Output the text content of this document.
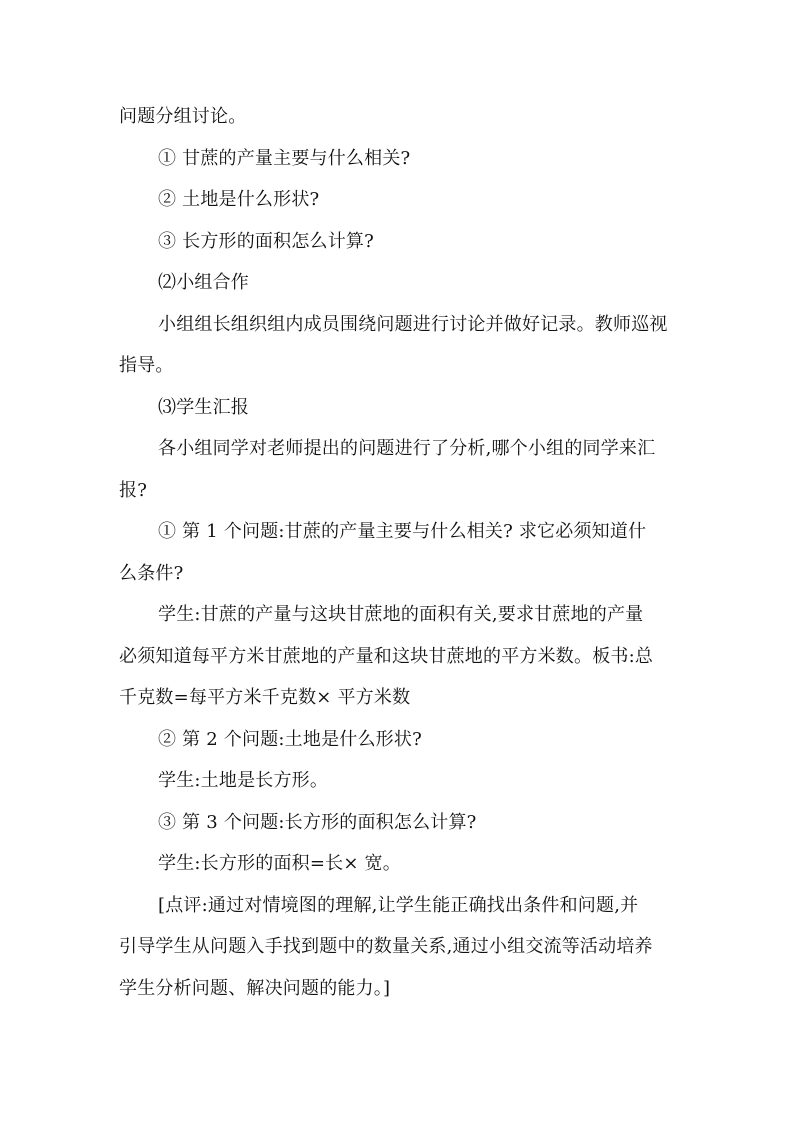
问题分组讨论。
① 甘蔗的产量主要与什么相关?
② 土地是什么形状?
③ 长方形的面积怎么计算?
⑵小组合作
小组组长组织组内成员围绕问题进行讨论并做好记录。教师巡视
指导。
⑶学生汇报
各小组同学对老师提出的问题进行了分析,哪个小组的同学来汇
报?
① 第 1 个问题:甘蔗的产量主要与什么相关? 求它必须知道什
么条件?
学生:甘蔗的产量与这块甘蔗地的面积有关,要求甘蔗地的产量
必须知道每平方米甘蔗地的产量和这块甘蔗地的平方米数。板书:总
千克数=每平方米千克数× 平方米数
② 第 2 个问题:土地是什么形状?
学生:土地是长方形。
③ 第 3 个问题:长方形的面积怎么计算?
学生:长方形的面积=长× 宽。
[点评:通过对情境图的理解,让学生能正确找出条件和问题,并
引导学生从问题入手找到题中的数量关系,通过小组交流等活动培养
学生分析问题、解决问题的能力。]
